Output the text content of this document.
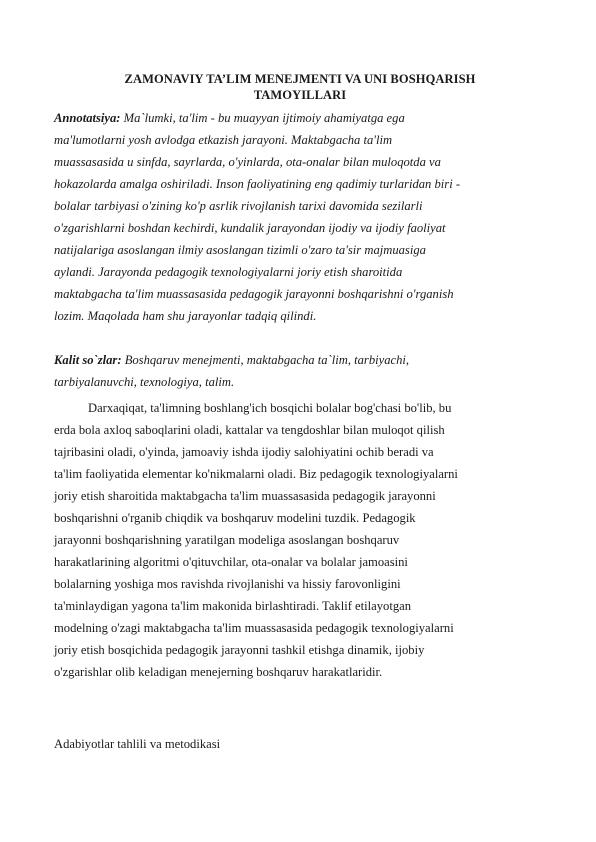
ZAMONAVIY TA’LIM MENEJMENTI VA UNI BOSHQARISH
TAMOYILLARI
Annotatsiya: Ma`lumki, ta'lim - bu muayyan ijtimoiy ahamiyatga ega
ma'lumotlarni yosh avlodga etkazish jarayoni. Maktabgacha ta'lim
muassasasida u sinfda, sayrlarda, o'yinlarda, ota-onalar bilan muloqotda va
hokazolarda amalga oshiriladi. Inson faoliyatining eng qadimiy turlaridan biri -
bolalar tarbiyasi o'zining ko'p asrlik rivojlanish tarixi davomida sezilarli
o'zgarishlarni boshdan kechirdi, kundalik jarayondan ijodiy va ijodiy faoliyat
natijalariga asoslangan ilmiy asoslangan tizimli o'zaro ta'sir majmuasiga
aylandi. Jarayonda pedagogik texnologiyalarni joriy etish sharoitida
maktabgacha ta'lim muassasasida pedagogik jarayonni boshqarishni o'rganish
lozim. Maqolada ham shu jarayonlar tadqiq qilindi.
Kalit so`zlar: Boshqaruv menejmenti, maktabgacha ta`lim, tarbiyachi,
tarbiyalanuvchi, texnologiya, talim.
Darxaqiqat, ta'limning boshlang'ich bosqichi bolalar bog'chasi bo'lib, bu
erda bola axloq saboqlarini oladi, kattalar va tengdoshlar bilan muloqot qilish
tajribasini oladi, o'yinda, jamoaviy ishda ijodiy salohiyatini ochib beradi va
ta'lim faoliyatida elementar ko'nikmalarni oladi. Biz pedagogik texnologiyalarni
joriy etish sharoitida maktabgacha ta'lim muassasasida pedagogik jarayonni
boshqarishni o'rganib chiqdik va boshqaruv modelini tuzdik. Pedagogik
jarayonni boshqarishning yaratilgan modeliga asoslangan boshqaruv
harakatlarining algoritmi o'qituvchilar, ota-onalar va bolalar jamoasini
bolalarning yoshiga mos ravishda rivojlanishi va hissiy farovonligini
ta'minlaydigan yagona ta'lim makonida birlashtiradi. Taklif etilayotgan
modelning o'zagi maktabgacha ta'lim muassasasida pedagogik texnologiyalarni
joriy etish bosqichida pedagogik jarayonni tashkil etishga dinamik, ijobiy
o'zgarishlar olib keladigan menejerning boshqaruv harakatlaridir.
Adabiyotlar tahlili va metodikasi
